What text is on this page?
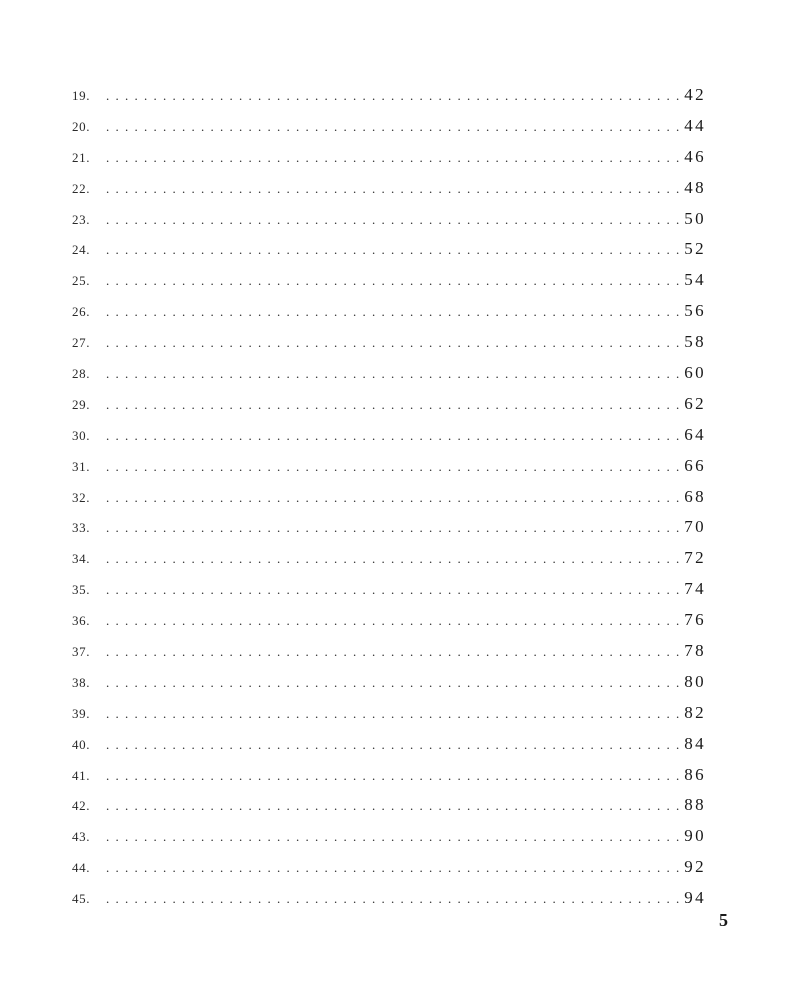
19. . . .	42
20. . . .	44
21. . . .	46
22. . . .	48
23. . . .	50
24. . . .	52
25. . . .	54
26. . . .	56
27. . . .	58
28. . . .	60
29. . . .	62
30. . . .	64
31. . . .	66
32. . . .	68
33. . . .	70
34. . . .	72
35. . . .	74
36. . . .	76
37. . . .	78
38. . . .	80
39. . . .	82
40. . . .	84
41. . . .	86
42. . . .	88
43. . . .	90
44. . . .	92
45. . . .	94
5
